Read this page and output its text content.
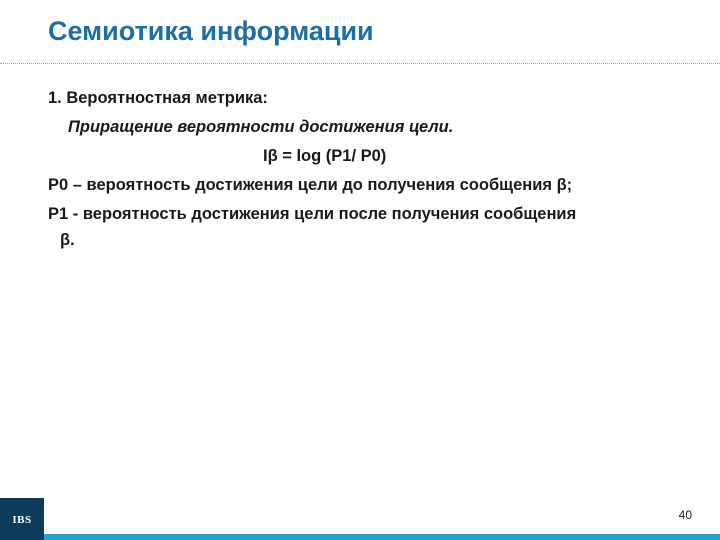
Семиотика информации
1. Вероятностная метрика:
Приращение вероятности достижения цели.
Iβ = log (P1/ P0)
P0 – вероятность достижения цели до получения сообщения β;
P1 - вероятность достижения цели после получения сообщения
β.
IBS	40
